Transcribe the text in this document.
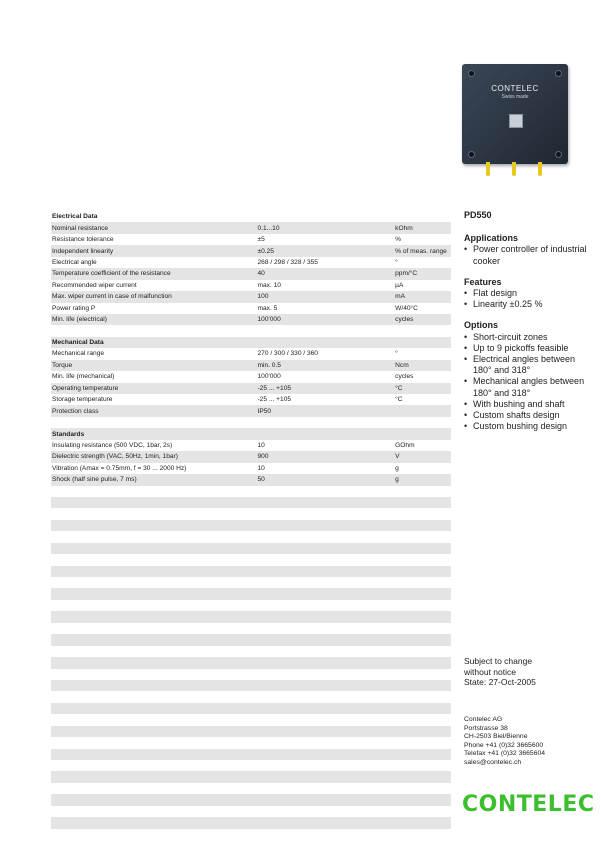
CONTELEC
Swiss made
Electrical Data
Nominal resistance	0.1...10	kOhm
Resistance tolerance	±5	%
Independent linearity	±0.25	% of meas. range
Electrical angle	268 / 298 / 328 / 355	°
Temperature coefficient of the resistance	40	ppm/°C
Recommended wiper current	max. 10	µA
Max. wiper current in case of malfunction	100	mA
Power rating P	max. 5	W/40°C
Min. life (electrical)	100'000	cycles
Mechanical Data
Mechanical range	270 / 300 / 330 / 360	°
Torque	min. 0.5	Ncm
Min. life (mechanical)	100'000	cycles
Operating temperature	-25 ... +105	°C
Storage temperature	-25 ... +105	°C
Protection class	IP50
Standards
Insulating resistance (500 VDC, 1bar, 2s)	10	GOhm
Dielectric strength (VAC, 50Hz, 1min, 1bar)	900	V
Vibration (Amax = 0.75mm, f = 30 ... 2000 Hz)	10	g
Shock (half sine pulse, 7 ms)	50	g
PD550
Applications
• Power controller of industrial cooker
Features
• Flat design
• Linearity ±0.25 %
Options
• Short-circuit zones
• Up to 9 pickoffs feasible
• Electrical angles between 180° and 318°
• Mechanical angles between 180° and 318°
• With bushing and shaft
• Custom shafts design
• Custom bushing design
Subject to change
without notice
State: 27-Oct-2005
Contelec AG
Portstrasse 38
CH-2503 Biel/Bienne
Phone +41 (0)32 3665600
Telefax +41 (0)32 3665604
sales@contelec.ch
CONTELEC
